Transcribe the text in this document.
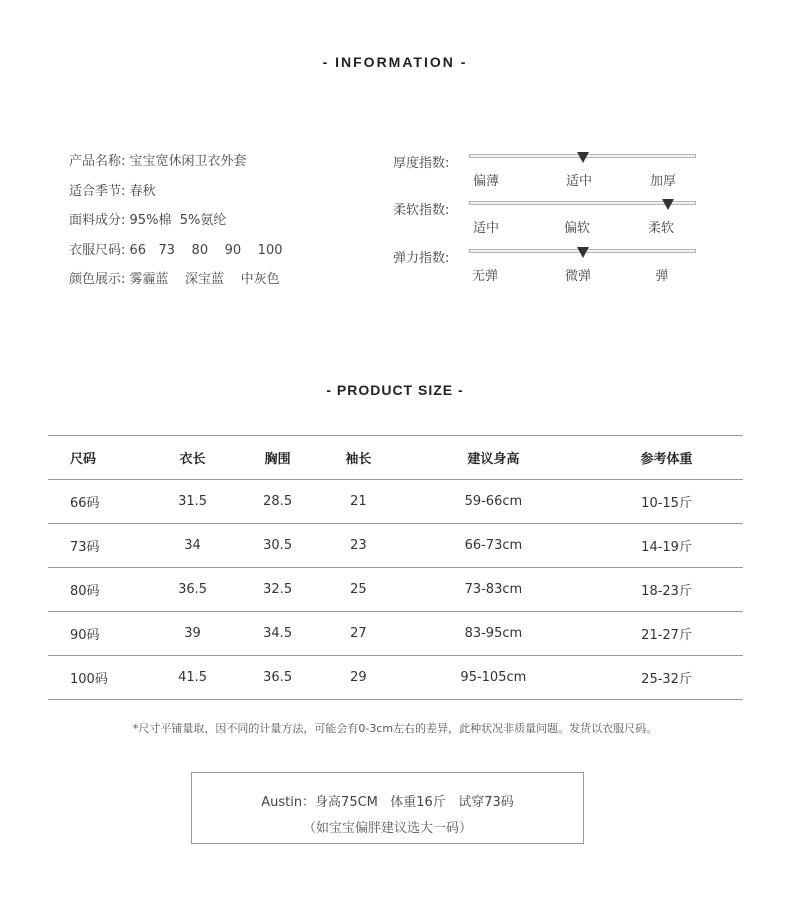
- INFORMATION -
产品名称: 宝宝宽休闲卫衣外套
适合季节: 春秋
面料成分: 95%棉  5%氨纶
衣服尺码: 66   73    80    90    100
颜色展示: 雾霾蓝    深宝蓝    中灰色
厚度指数:
偏薄	适中	加厚
柔软指数:
适中	偏软	柔软
弹力指数:
无弹	微弹	弹
- PRODUCT SIZE -
尺码	衣长	胸围	袖长	建议身高	参考体重
66码	31.5	28.5	21	59-66cm	10-15斤
73码	34	30.5	23	66-73cm	14-19斤
80码	36.5	32.5	25	73-83cm	18-23斤
90码	39	34.5	27	83-95cm	21-27斤
100码	41.5	36.5	29	95-105cm	25-32斤
*尺寸平铺量取，因不同的计量方法，可能会有0-3cm左右的差异，此种状况非质量问题。发货以衣服尺码。
Austin：身高75CM   体重16斤   试穿73码
（如宝宝偏胖建议选大一码）
